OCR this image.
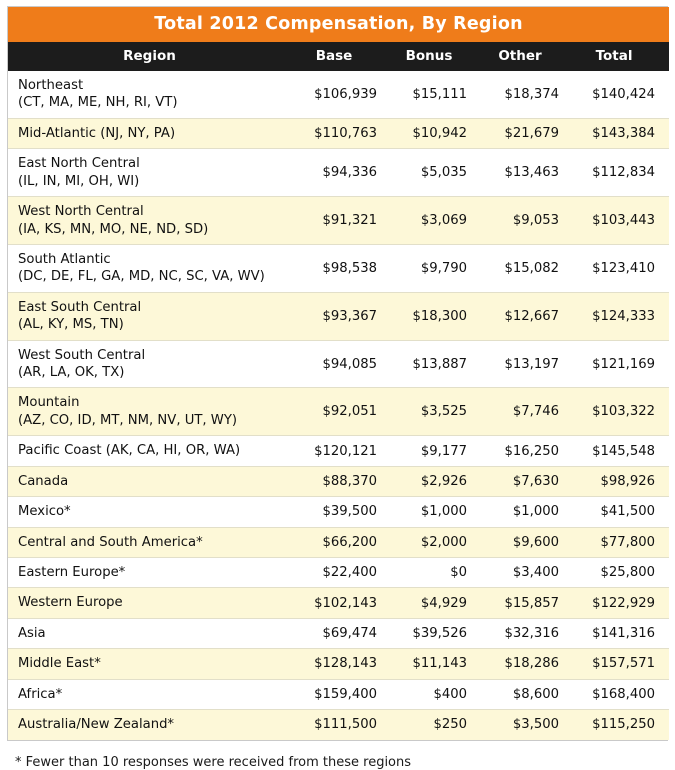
Total 2012 Compensation, By Region				
Region	Base	Bonus	Other	Total
Northeast
(CT, MA, ME, NH, RI, VT)	$106,939	$15,111	$18,374	$140,424
Mid-Atlantic (NJ, NY, PA)	$110,763	$10,942	$21,679	$143,384
East North Central
(IL, IN, MI, OH, WI)	$94,336	$5,035	$13,463	$112,834
West North Central
(IA, KS, MN, MO, NE, ND, SD)	$91,321	$3,069	$9,053	$103,443
South Atlantic
(DC, DE, FL, GA, MD, NC, SC, VA, WV)	$98,538	$9,790	$15,082	$123,410
East South Central
(AL, KY, MS, TN)	$93,367	$18,300	$12,667	$124,333
West South Central
(AR, LA, OK, TX)	$94,085	$13,887	$13,197	$121,169
Mountain
(AZ, CO, ID, MT, NM, NV, UT, WY)	$92,051	$3,525	$7,746	$103,322
Pacific Coast (AK, CA, HI, OR, WA)	$120,121	$9,177	$16,250	$145,548
Canada	$88,370	$2,926	$7,630	$98,926
Mexico*	$39,500	$1,000	$1,000	$41,500
Central and South America*	$66,200	$2,000	$9,600	$77,800
Eastern Europe*	$22,400	$0	$3,400	$25,800
Western Europe	$102,143	$4,929	$15,857	$122,929
Asia	$69,474	$39,526	$32,316	$141,316
Middle East*	$128,143	$11,143	$18,286	$157,571
Africa*	$159,400	$400	$8,600	$168,400
Australia/New Zealand*	$111,500	$250	$3,500	$115,250
* Fewer than 10 responses were received from these regions
